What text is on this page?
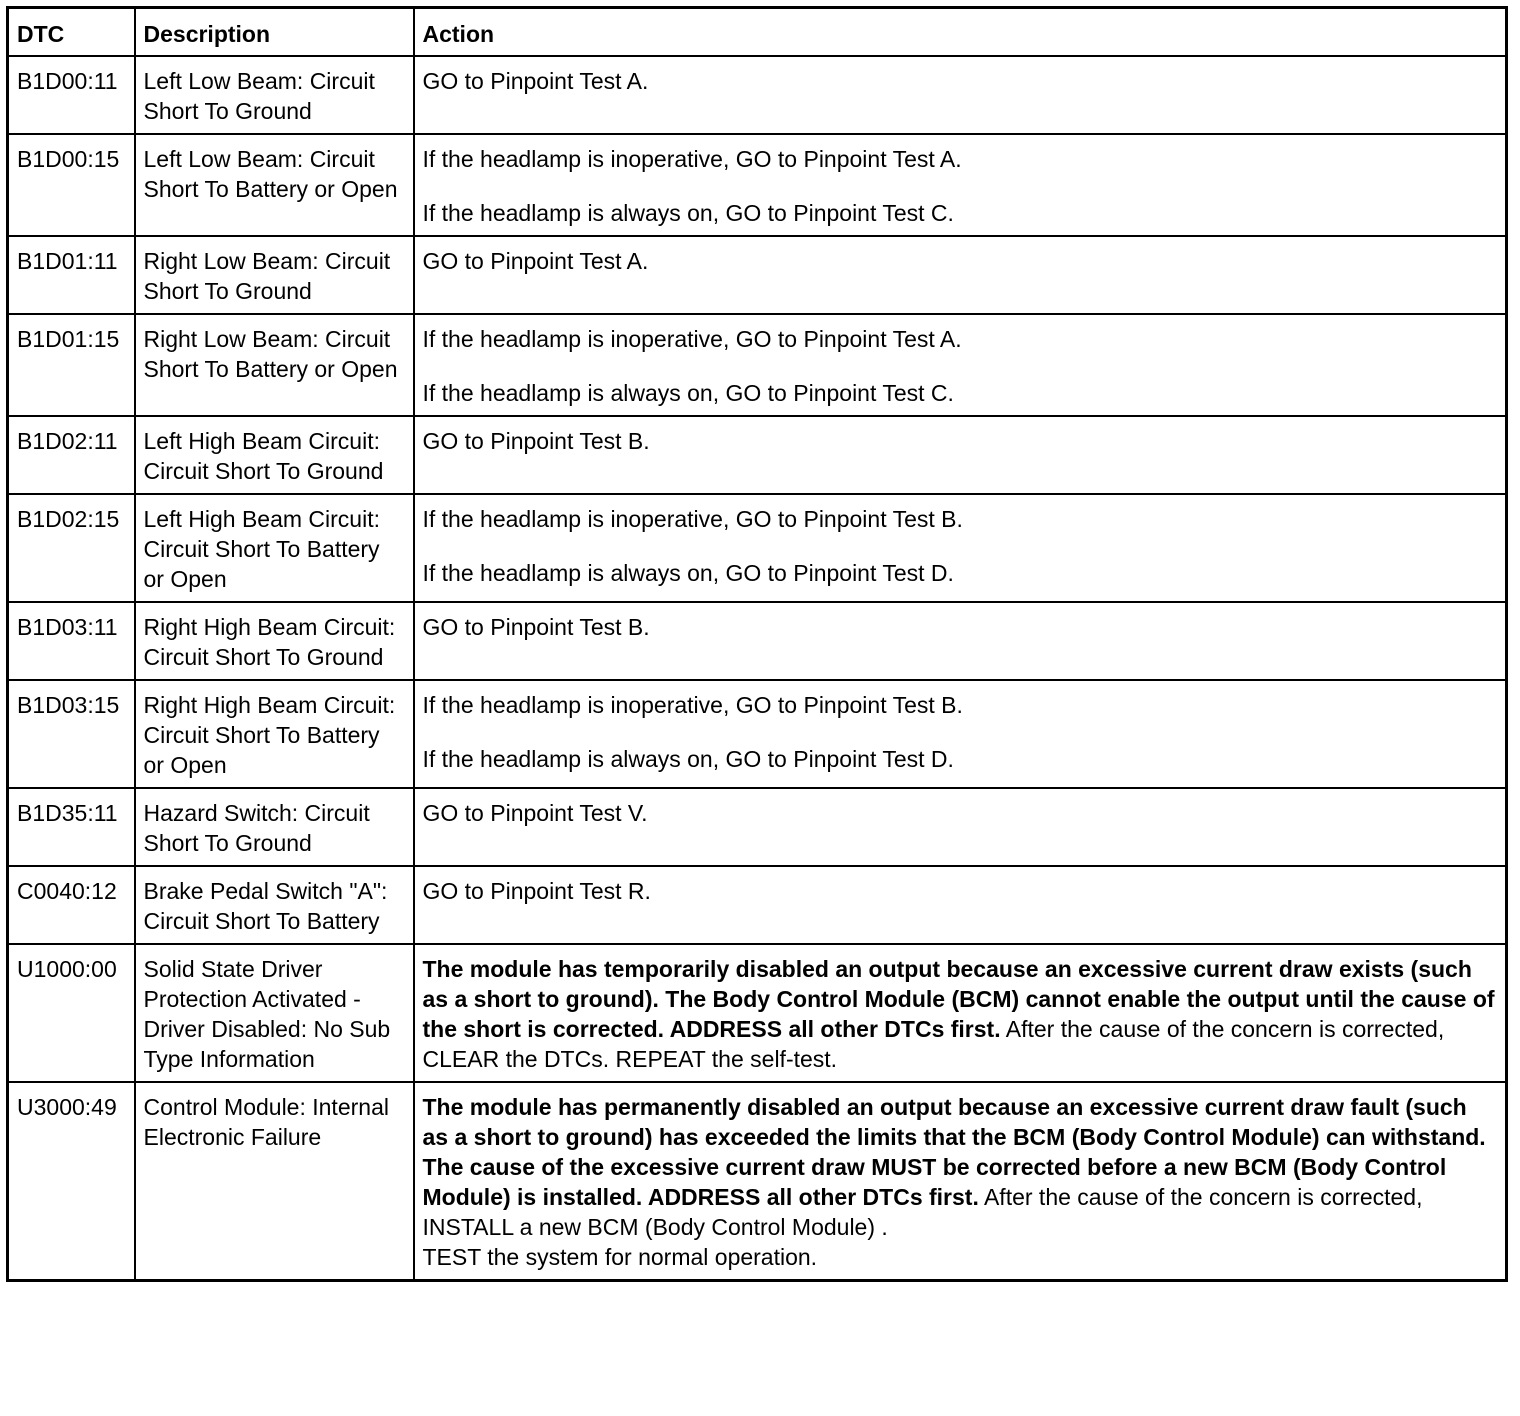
DTC	Description	Action
B1D00:11	Left Low Beam: Circuit Short To Ground	GO to Pinpoint Test A.

B1D00:15	Left Low Beam: Circuit Short To Battery or Open	If the headlamp is inoperative, GO to Pinpoint Test A.
If the headlamp is always on, GO to Pinpoint Test C.

B1D01:11	Right Low Beam: Circuit Short To Ground	GO to Pinpoint Test A.

B1D01:15	Right Low Beam: Circuit Short To Battery or Open	If the headlamp is inoperative, GO to Pinpoint Test A.
If the headlamp is always on, GO to Pinpoint Test C.

B1D02:11	Left High Beam Circuit: Circuit Short To Ground	GO to Pinpoint Test B.

B1D02:15	Left High Beam Circuit: Circuit Short To Battery or Open	If the headlamp is inoperative, GO to Pinpoint Test B.
If the headlamp is always on, GO to Pinpoint Test D.

B1D03:11	Right High Beam Circuit: Circuit Short To Ground	GO to Pinpoint Test B.

B1D03:15	Right High Beam Circuit: Circuit Short To Battery or Open	If the headlamp is inoperative, GO to Pinpoint Test B.
If the headlamp is always on, GO to Pinpoint Test D.

B1D35:11	Hazard Switch: Circuit Short To Ground	GO to Pinpoint Test V.

C0040:12	Brake Pedal Switch "A": Circuit Short To Battery	GO to Pinpoint Test R.

U1000:00	Solid State Driver Protection Activated - Driver Disabled: No Sub Type Information	The module has temporarily disabled an output because an excessive current draw exists (such as a short to ground). The Body Control Module (BCM) cannot enable the output until the cause of the short is corrected. ADDRESS all other DTCs first. After the cause of the concern is corrected, CLEAR the DTCs. REPEAT the self-test.
U3000:49	Control Module: Internal Electronic Failure	The module has permanently disabled an output because an excessive current draw fault (such as a short to ground) has exceeded the limits that the BCM (Body Control Module) can withstand. The cause of the excessive current draw MUST be corrected before a new BCM (Body Control Module) is installed. ADDRESS all other DTCs first. After the cause of the concern is corrected, INSTALL a new BCM (Body Control Module) .
TEST the system for normal operation.
